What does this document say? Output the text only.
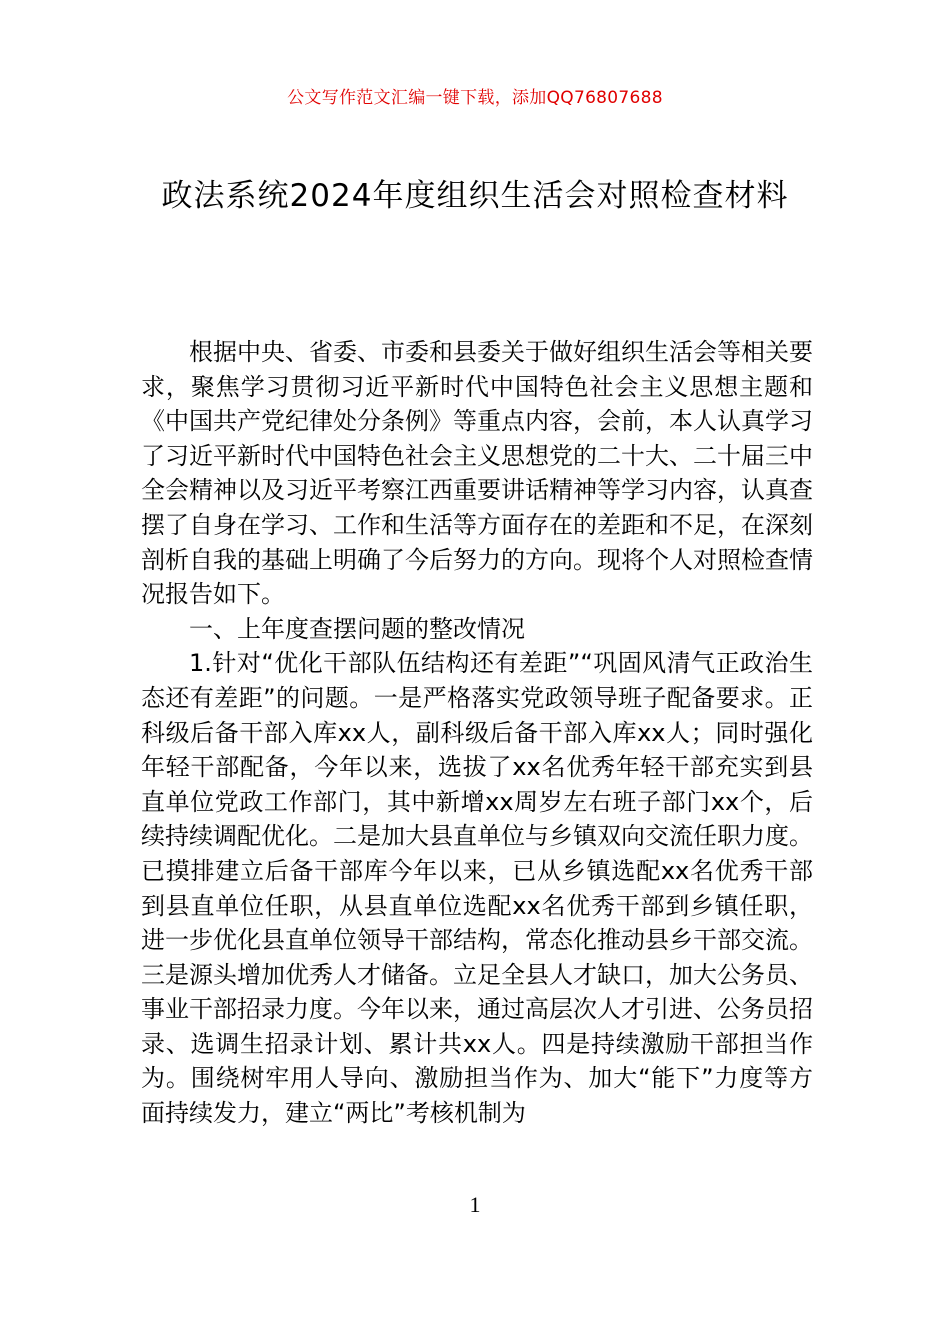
公文写作范文汇编一键下载，添加QQ76807688
政法系统2024年度组织生活会对照检查材料

根据中央、省委、市委和县委关于做好组织生活会等相关要求，聚焦学习贯彻习近平新时代中国特色社会主义思想主题和《中国共产党纪律处分条例》等重点内容，会前，本人认真学习了习近平新时代中国特色社会主义思想党的二十大、二十届三中全会精神以及习近平考察江西重要讲话精神等学习内容，认真查摆了自身在学习、工作和生活等方面存在的差距和不足，在深刻剖析自我的基础上明确了今后努力的方向。现将个人对照检查情况报告如下。

一、上年度查摆问题的整改情况

1.针对“优化干部队伍结构还有差距”“巩固风清气正政治生态还有差距”的问题。一是严格落实党政领导班子配备要求。正科级后备干部入库xx人，副科级后备干部入库xx人；同时强化年轻干部配备，今年以来，选拔了xx名优秀年轻干部充实到县直单位党政工作部门，其中新增xx周岁左右班子部门xx个，后续持续调配优化。二是加大县直单位与乡镇双向交流任职力度。已摸排建立后备干部库今年以来，已从乡镇选配xx名优秀干部到县直单位任职，从县直单位选配xx名优秀干部到乡镇任职，进一步优化县直单位领导干部结构，常态化推动县乡干部交流。三是源头增加优秀人才储备。立足全县人才缺口，加大公务员、事业干部招录力度。今年以来，通过高层次人才引进、公务员招录、选调生招录计划、累计共xx人。四是持续激励干部担当作为。围绕树牢用人导向、激励担当作为、加大“能下”力度等方面持续发力，建立“两比”考核机制为

1
